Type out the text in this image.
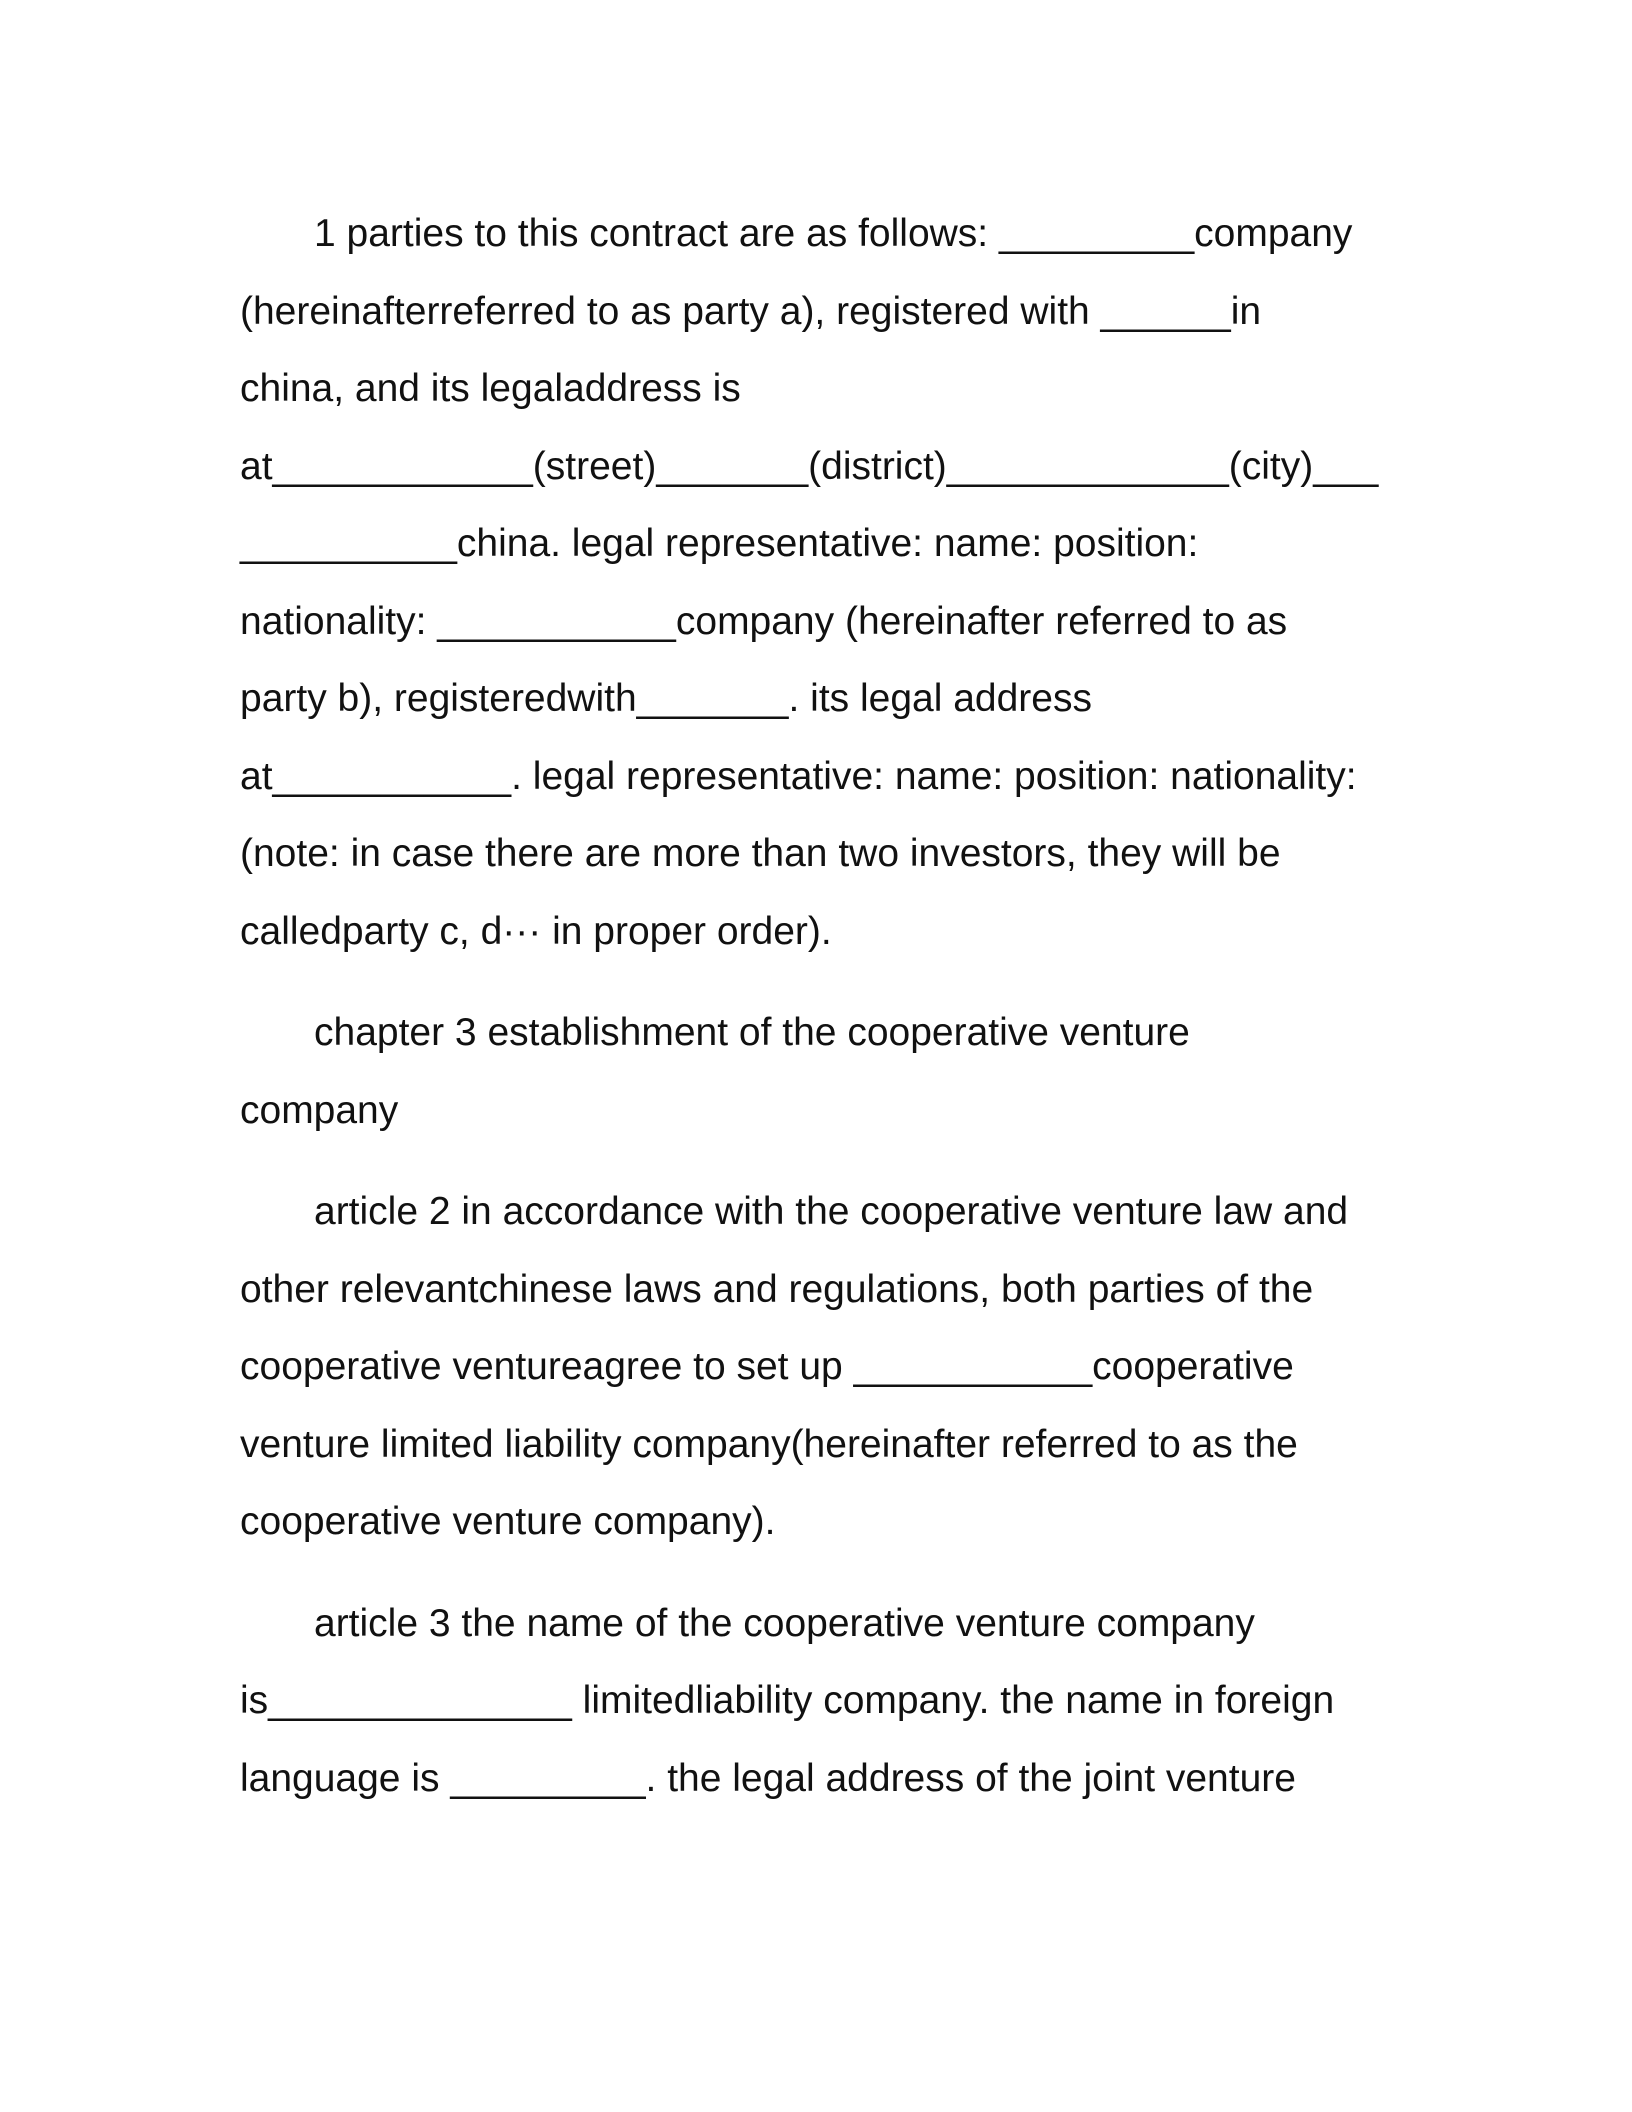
1 parties to this contract are as follows: _________company
(hereinafterreferred to as party a), registered with ______in
china, and its legaladdress is
at____________(street)_______(district)_____________(city)___
__________china. legal representative: name: position:
nationality: ___________company (hereinafter referred to as
party b), registeredwith_______. its legal address
at___________. legal representative: name: position: nationality:
(note: in case there are more than two investors, they will be
calledparty c, d··· in proper order).
chapter 3 establishment of the cooperative venture
company
article 2 in accordance with the cooperative venture law and
other relevantchinese laws and regulations, both parties of the
cooperative ventureagree to set up ___________cooperative
venture limited liability company(hereinafter referred to as the
cooperative venture company).
article 3 the name of the cooperative venture company
is______________ limitedliability company. the name in foreign
language is _________. the legal address of the joint venture
